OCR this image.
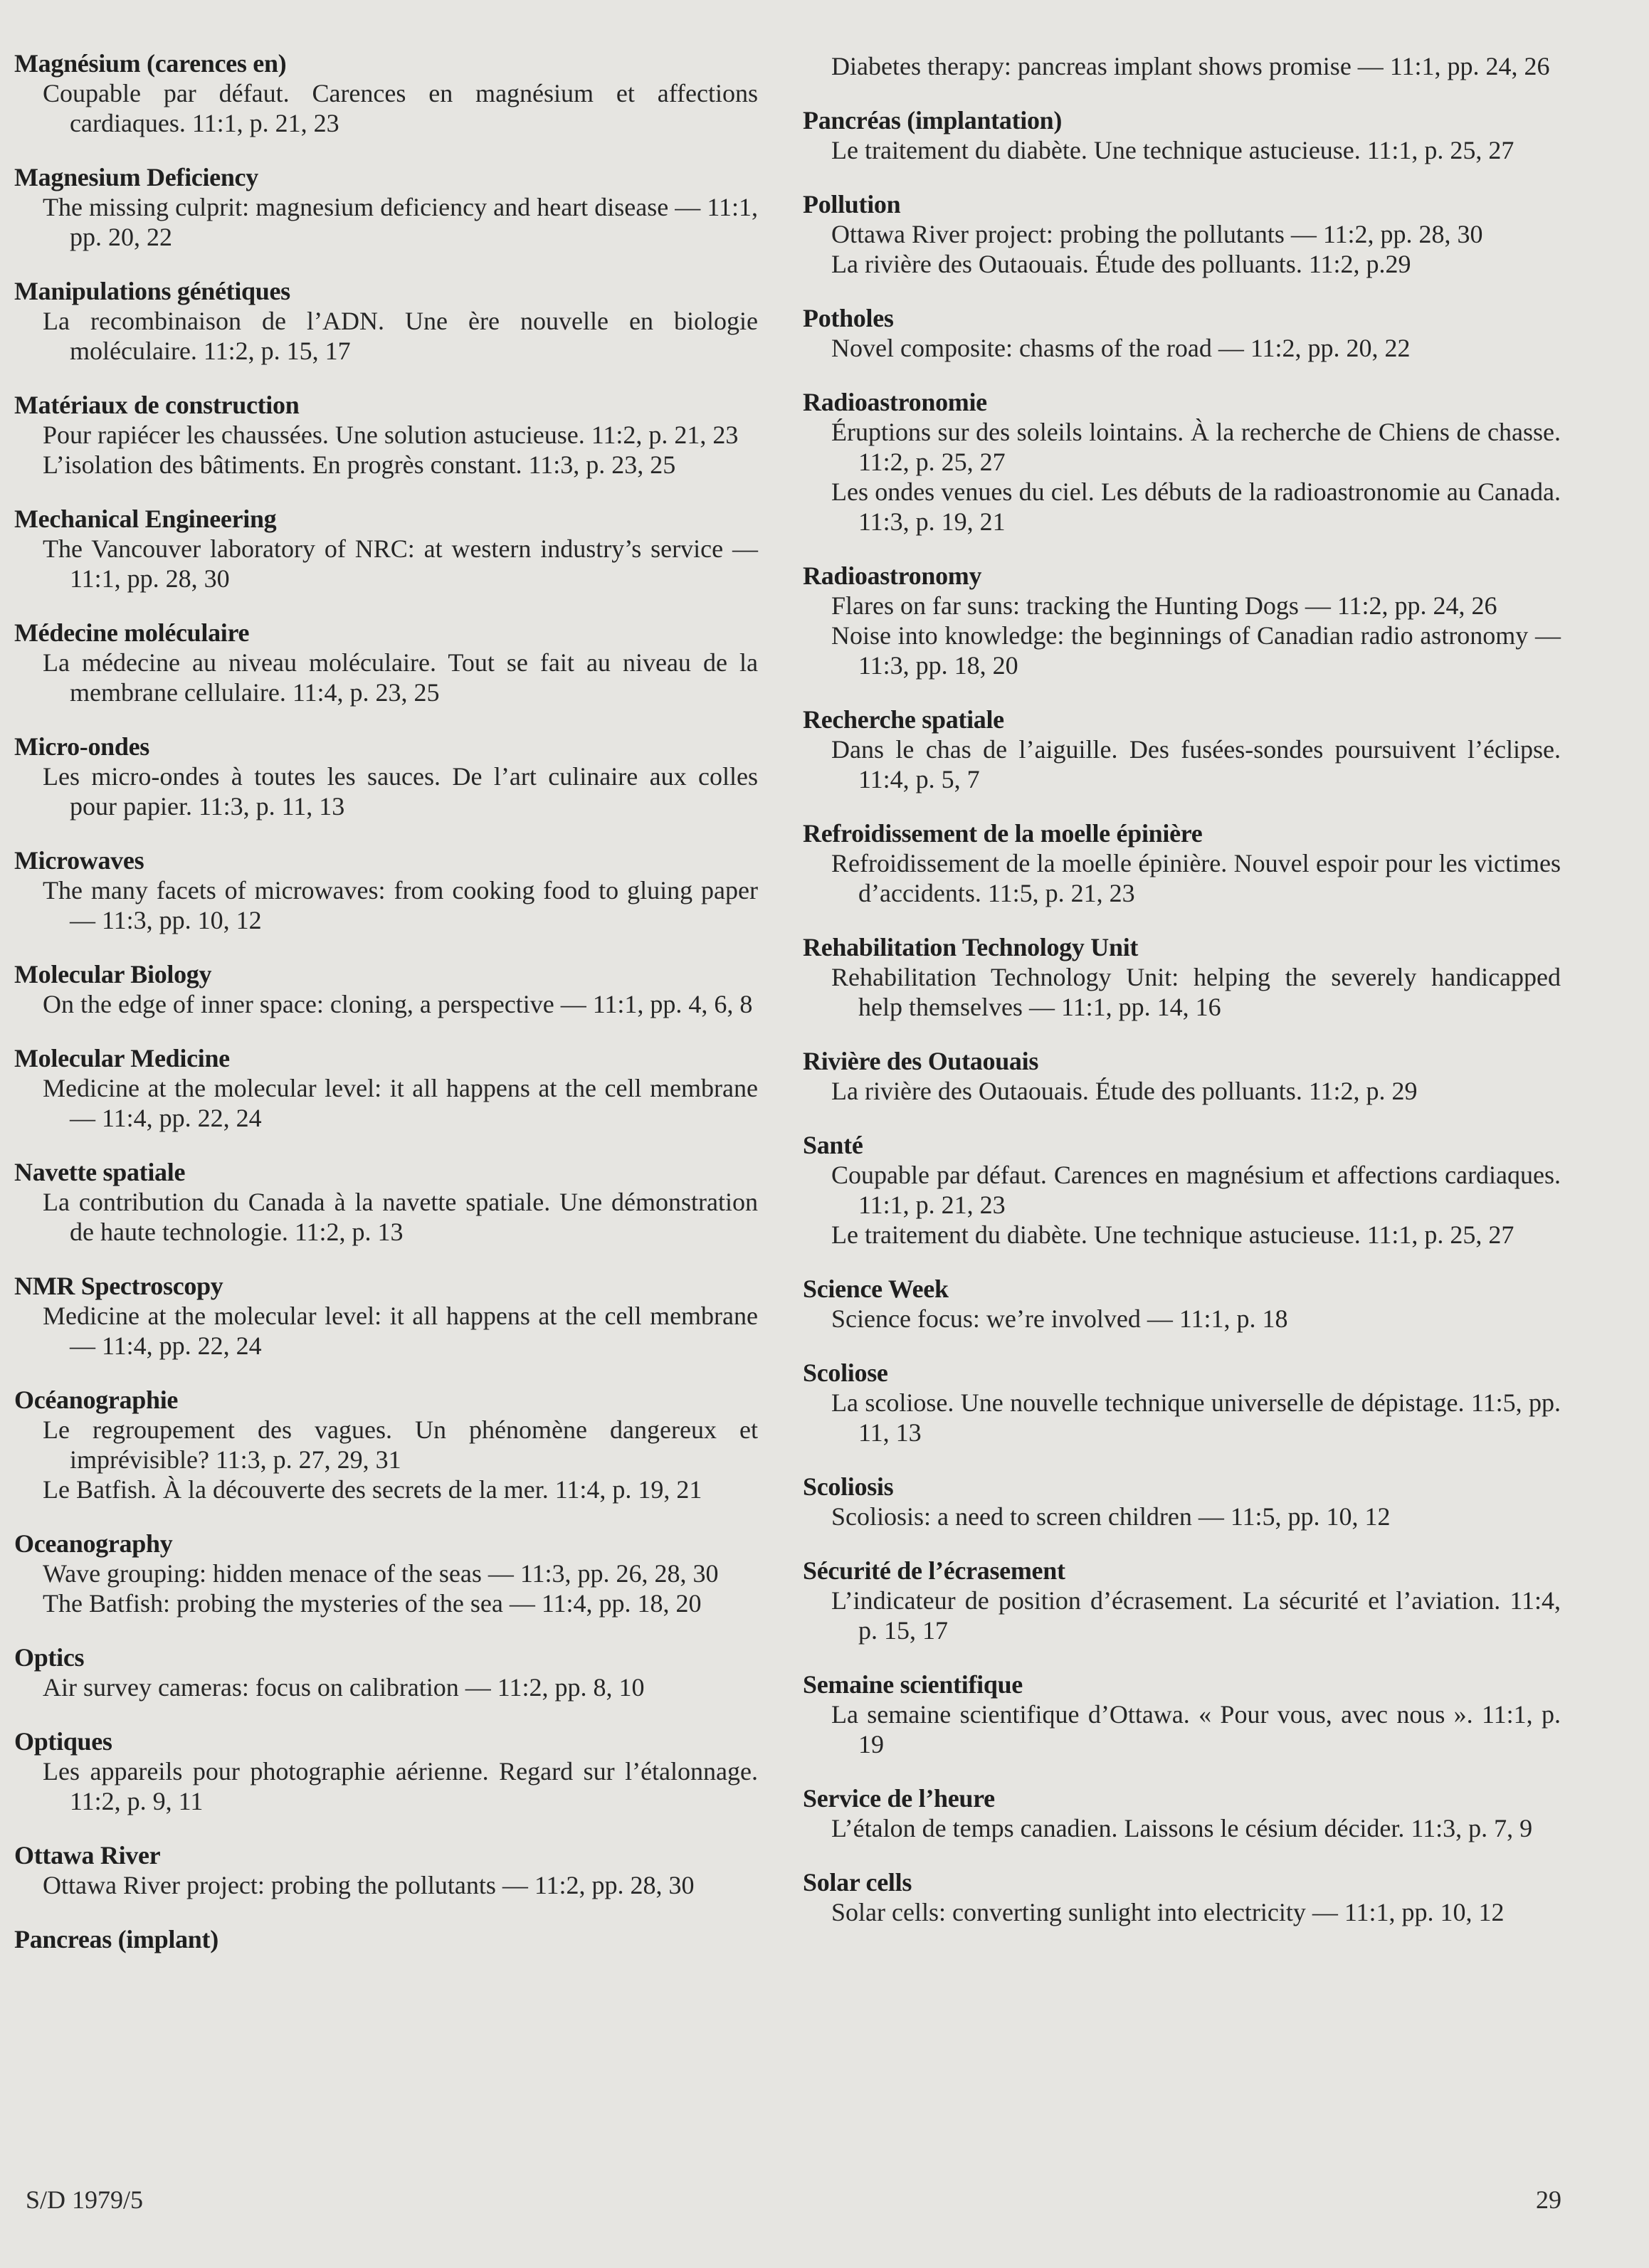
Magnésium (carences en)
Coupable par défaut. Carences en magnésium et affections cardiaques. 11:1, p. 21, 23
Magnesium Deficiency
The missing culprit: magnesium deficiency and heart disease — 11:1, pp. 20, 22
Manipulations génétiques
La recombinaison de l’ADN. Une ère nouvelle en biologie moléculaire. 11:2, p. 15, 17
Matériaux de construction
Pour rapiécer les chaussées. Une solution astucieuse. 11:2, p. 21, 23
L’isolation des bâtiments. En progrès constant. 11:3, p. 23, 25
Mechanical Engineering
The Vancouver laboratory of NRC: at western industry’s service — 11:1, pp. 28, 30
Médecine moléculaire
La médecine au niveau moléculaire. Tout se fait au niveau de la membrane cellulaire. 11:4, p. 23, 25
Micro-ondes
Les micro-ondes à toutes les sauces. De l’art culinaire aux colles pour papier. 11:3, p. 11, 13
Microwaves
The many facets of microwaves: from cooking food to gluing paper — 11:3, pp. 10, 12
Molecular Biology
On the edge of inner space: cloning, a perspective — 11:1, pp. 4, 6, 8
Molecular Medicine
Medicine at the molecular level: it all happens at the cell membrane — 11:4, pp. 22, 24
Navette spatiale
La contribution du Canada à la navette spatiale. Une démonstration de haute technologie. 11:2, p. 13
NMR Spectroscopy
Medicine at the molecular level: it all happens at the cell membrane — 11:4, pp. 22, 24
Océanographie
Le regroupement des vagues. Un phénomène dangereux et imprévisible? 11:3, p. 27, 29, 31
Le Batfish. À la découverte des secrets de la mer. 11:4, p. 19, 21
Oceanography
Wave grouping: hidden menace of the seas — 11:3, pp. 26, 28, 30
The Batfish: probing the mysteries of the sea — 11:4, pp. 18, 20
Optics
Air survey cameras: focus on calibration — 11:2, pp. 8, 10
Optiques
Les appareils pour photographie aérienne. Regard sur l’étalonnage. 11:2, p. 9, 11
Ottawa River
Ottawa River project: probing the pollutants — 11:2, pp. 28, 30
Pancreas (implant)
Diabetes therapy: pancreas implant shows promise — 11:1, pp. 24, 26
Pancréas (implantation)
Le traitement du diabète. Une technique astucieuse. 11:1, p. 25, 27
Pollution
Ottawa River project: probing the pollutants — 11:2, pp. 28, 30
La rivière des Outaouais. Étude des polluants. 11:2, p.29
Potholes
Novel composite: chasms of the road — 11:2, pp. 20, 22
Radioastronomie
Éruptions sur des soleils lointains. À la recherche de Chiens de chasse. 11:2, p. 25, 27
Les ondes venues du ciel. Les débuts de la radioastronomie au Canada. 11:3, p. 19, 21
Radioastronomy
Flares on far suns: tracking the Hunting Dogs — 11:2, pp. 24, 26
Noise into knowledge: the beginnings of Canadian radio astronomy — 11:3, pp. 18, 20
Recherche spatiale
Dans le chas de l’aiguille. Des fusées-sondes poursuivent l’éclipse. 11:4, p. 5, 7
Refroidissement de la moelle épinière
Refroidissement de la moelle épinière. Nouvel espoir pour les victimes d’accidents. 11:5, p. 21, 23
Rehabilitation Technology Unit
Rehabilitation Technology Unit: helping the severely handicapped help themselves — 11:1, pp. 14, 16
Rivière des Outaouais
La rivière des Outaouais. Étude des polluants. 11:2, p. 29
Santé
Coupable par défaut. Carences en magnésium et affections cardiaques. 11:1, p. 21, 23
Le traitement du diabète. Une technique astucieuse. 11:1, p. 25, 27
Science Week
Science focus: we’re involved — 11:1, p. 18
Scoliose
La scoliose. Une nouvelle technique universelle de dépistage. 11:5, pp. 11, 13
Scoliosis
Scoliosis: a need to screen children — 11:5, pp. 10, 12
Sécurité de l’écrasement
L’indicateur de position d’écrasement. La sécurité et l’aviation. 11:4, p. 15, 17
Semaine scientifique
La semaine scientifique d’Ottawa. « Pour vous, avec nous ». 11:1, p. 19
Service de l’heure
L’étalon de temps canadien. Laissons le césium décider. 11:3, p. 7, 9
Solar cells
Solar cells: converting sunlight into electricity — 11:1, pp. 10, 12
S/D 1979/5	29
